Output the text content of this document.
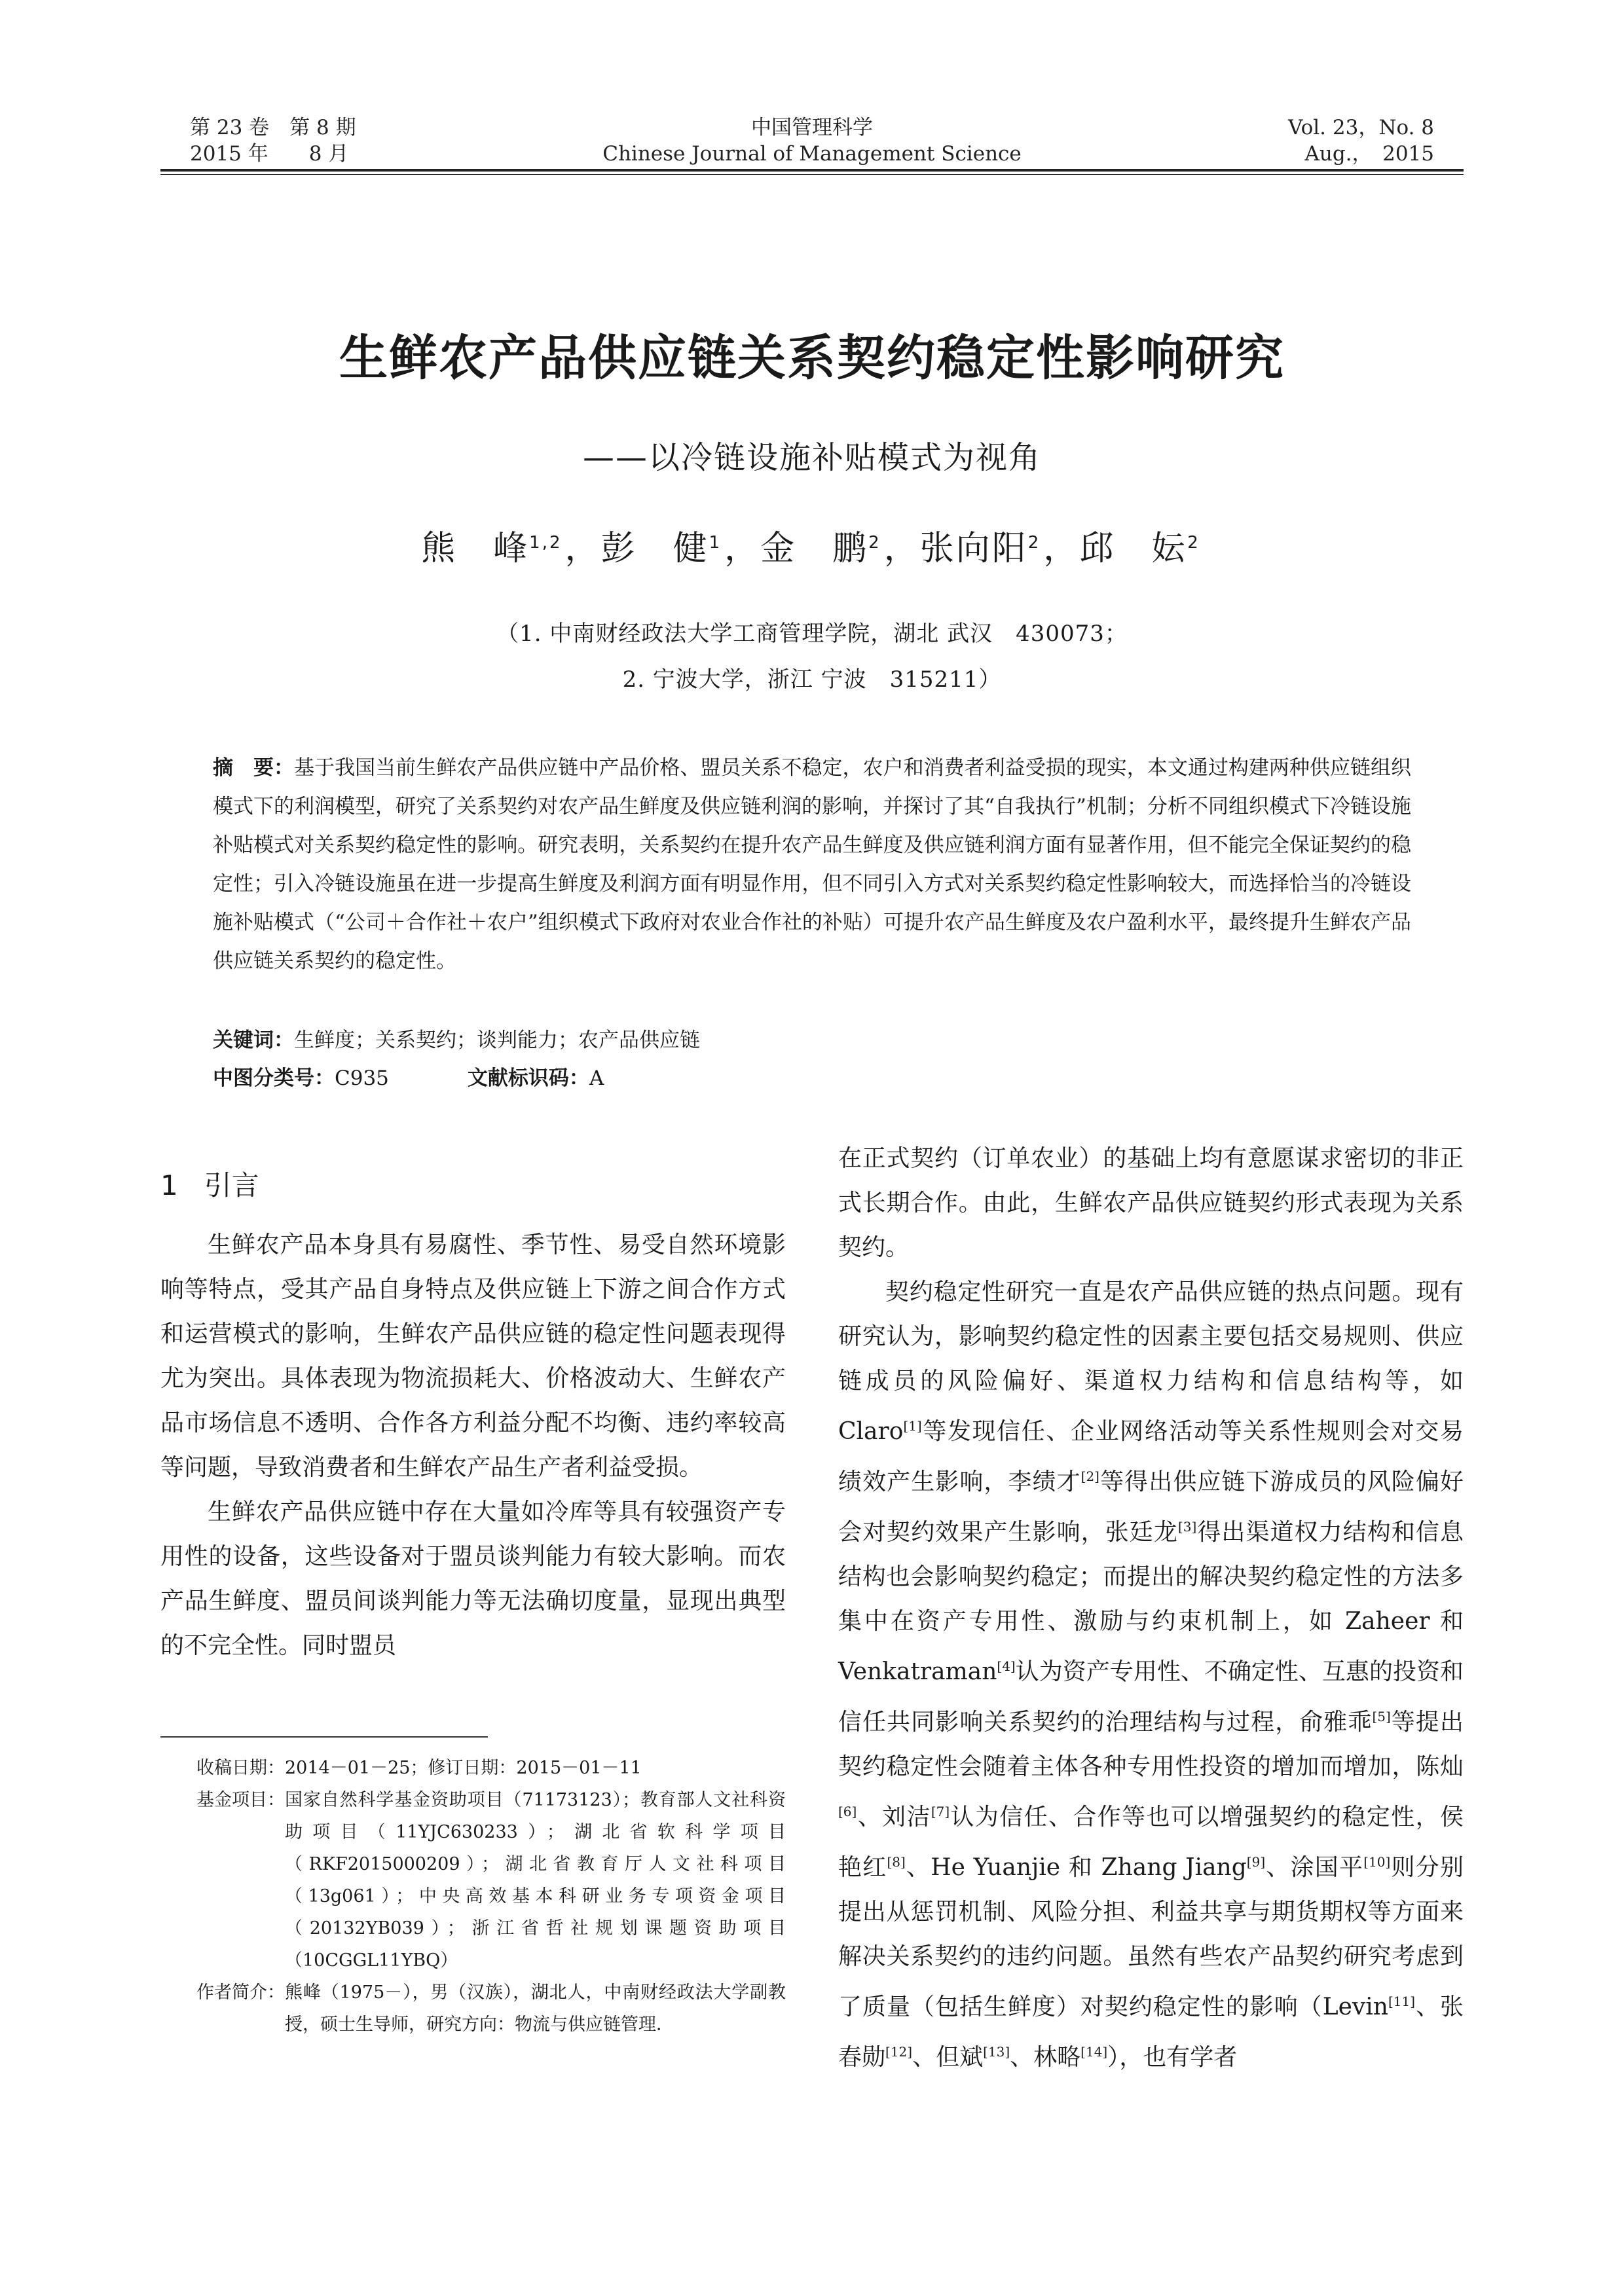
第 23 卷　第 8 期
2015 年　　8 月
中国管理科学
Chinese Journal of Management Science
Vol. 23，No. 8
Aug.，　2015
生鲜农产品供应链关系契约稳定性影响研究
——以冷链设施补贴模式为视角
熊　峰$^{1,2}$，彭　健$^1$，金　鹏$^2$，张向阳$^2$，邱　妘$^2$
（1. 中南财经政法大学工商管理学院，湖北 武汉　430073；
2. 宁波大学，浙江 宁波　315211）
摘　要：基于我国当前生鲜农产品供应链中产品价格、盟员关系不稳定，农户和消费者利益受损的现实，本文通过构建两种供应链组织模式下的利润模型，研究了关系契约对农产品生鲜度及供应链利润的影响，并探讨了其“自我执行”机制；分析不同组织模式下冷链设施补贴模式对关系契约稳定性的影响。研究表明，关系契约在提升农产品生鲜度及供应链利润方面有显著作用，但不能完全保证契约的稳定性；引入冷链设施虽在进一步提高生鲜度及利润方面有明显作用，但不同引入方式对关系契约稳定性影响较大，而选择恰当的冷链设施补贴模式（“公司＋合作社＋农户”组织模式下政府对农业合作社的补贴）可提升农产品生鲜度及农户盈利水平，最终提升生鲜农产品供应链关系契约的稳定性。
关键词：生鲜度；关系契约；谈判能力；农产品供应链
中图分类号：C935	文献标识码：A
1 引言

生鲜农产品本身具有易腐性、季节性、易受自然环境影响等特点，受其产品自身特点及供应链上下游之间合作方式和运营模式的影响，生鲜农产品供应链的稳定性问题表现得尤为突出。具体表现为物流损耗大、价格波动大、生鲜农产品市场信息不透明、合作各方利益分配不均衡、违约率较高等问题，导致消费者和生鲜农产品生产者利益受损。

生鲜农产品供应链中存在大量如冷库等具有较强资产专用性的设备，这些设备对于盟员谈判能力有较大影响。而农产品生鲜度、盟员间谈判能力等无法确切度量，显现出典型的不完全性。同时盟员

收稿日期： 2014－01－25；修订日期：2015－01－11
基金项目： 国家自然科学基金资助项目（71173123）；教育部人文社科资助项目（11YJC630233）；湖北省软科学项目（RKF2015000209）；湖北省教育厅人文社科项目（13g061）；中央高效基本科研业务专项资金项目（20132YB039）；浙江省哲社规划课题资助项目（10CGGL11YBQ）
作者简介： 熊峰（1975－），男（汉族），湖北人，中南财经政法大学副教授，硕士生导师，研究方向：物流与供应链管理．

在正式契约（订单农业）的基础上均有意愿谋求密切的非正式长期合作。由此，生鲜农产品供应链契约形式表现为关系契约。

契约稳定性研究一直是农产品供应链的热点问题。现有研究认为，影响契约稳定性的因素主要包括交易规则、供应链成员的风险偏好、渠道权力结构和信息结构等，如 Claro[1]等发现信任、企业网络活动等关系性规则会对交易绩效产生影响，李绩才[2]等得出供应链下游成员的风险偏好会对契约效果产生影响，张廷龙[3]得出渠道权力结构和信息结构也会影响契约稳定；而提出的解决契约稳定性的方法多集中在资产专用性、激励与约束机制上，如 Zaheer 和 Venkatraman[4]认为资产专用性、不确定性、互惠的投资和信任共同影响关系契约的治理结构与过程，俞雅乖[5]等提出契约稳定性会随着主体各种专用性投资的增加而增加，陈灿[6]、刘洁[7]认为信任、合作等也可以增强契约的稳定性，侯艳红[8]、He Yuanjie 和 Zhang Jiang[9]、涂国平[10]则分别提出从惩罚机制、风险分担、利益共享与期货期权等方面来解决关系契约的违约问题。虽然有些农产品契约研究考虑到了质量（包括生鲜度）对契约稳定性的影响（Levin[11]、张春勋[12]、但斌[13]、林略[14]），也有学者
